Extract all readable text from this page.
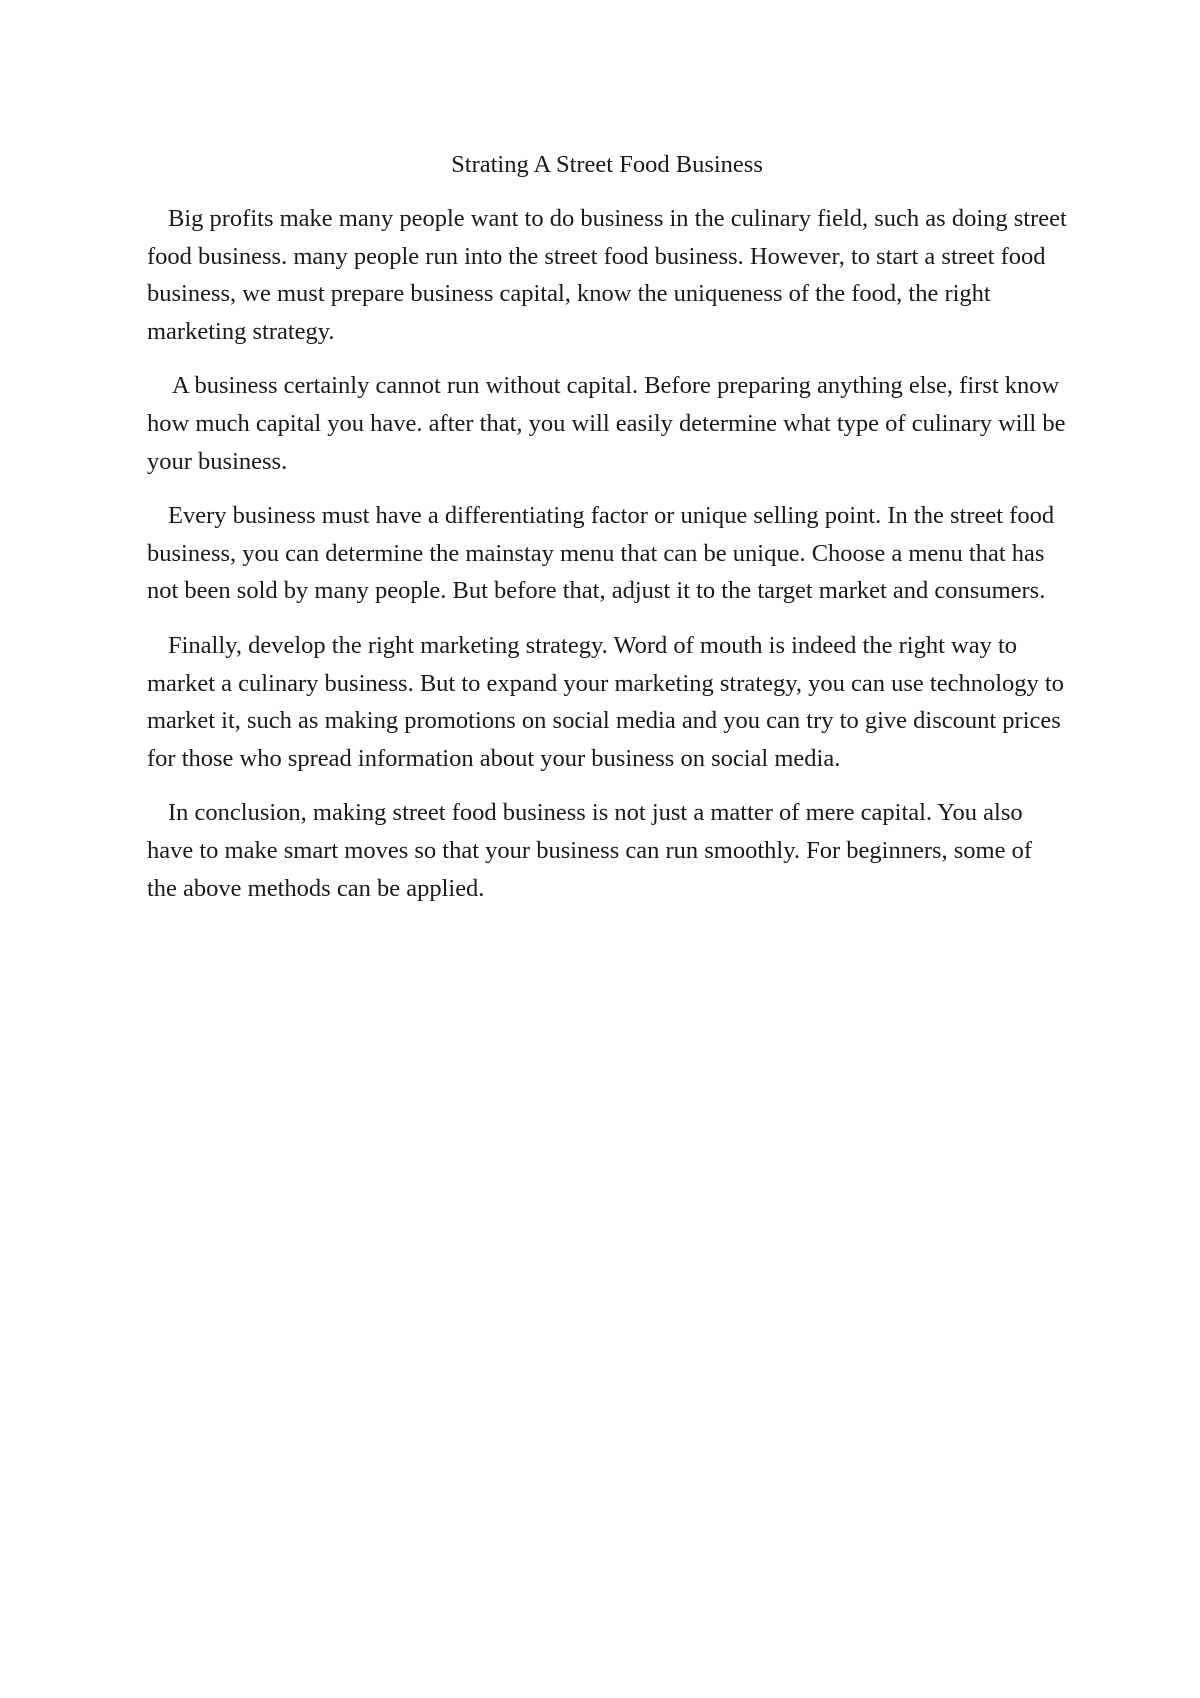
Strating A Street Food Business

Big profits make many people want to do business in the culinary field, such as doing street food business. many people run into the street food business. However, to start a street food business, we must prepare business capital, know the uniqueness of the food, the right marketing strategy.

A business certainly cannot run without capital. Before preparing anything else, first know how much capital you have. after that, you will easily determine what type of culinary will be your business.

Every business must have a differentiating factor or unique selling point. In the street food business, you can determine the mainstay menu that can be unique. Choose a menu that has not been sold by many people. But before that, adjust it to the target market and consumers.

Finally, develop the right marketing strategy. Word of mouth is indeed the right way to market a culinary business. But to expand your marketing strategy, you can use technology to market it, such as making promotions on social media and you can try to give discount prices for those who spread information about your business on social media.

In conclusion, making street food business is not just a matter of mere capital. You also have to make smart moves so that your business can run smoothly. For beginners, some of the above methods can be applied.
